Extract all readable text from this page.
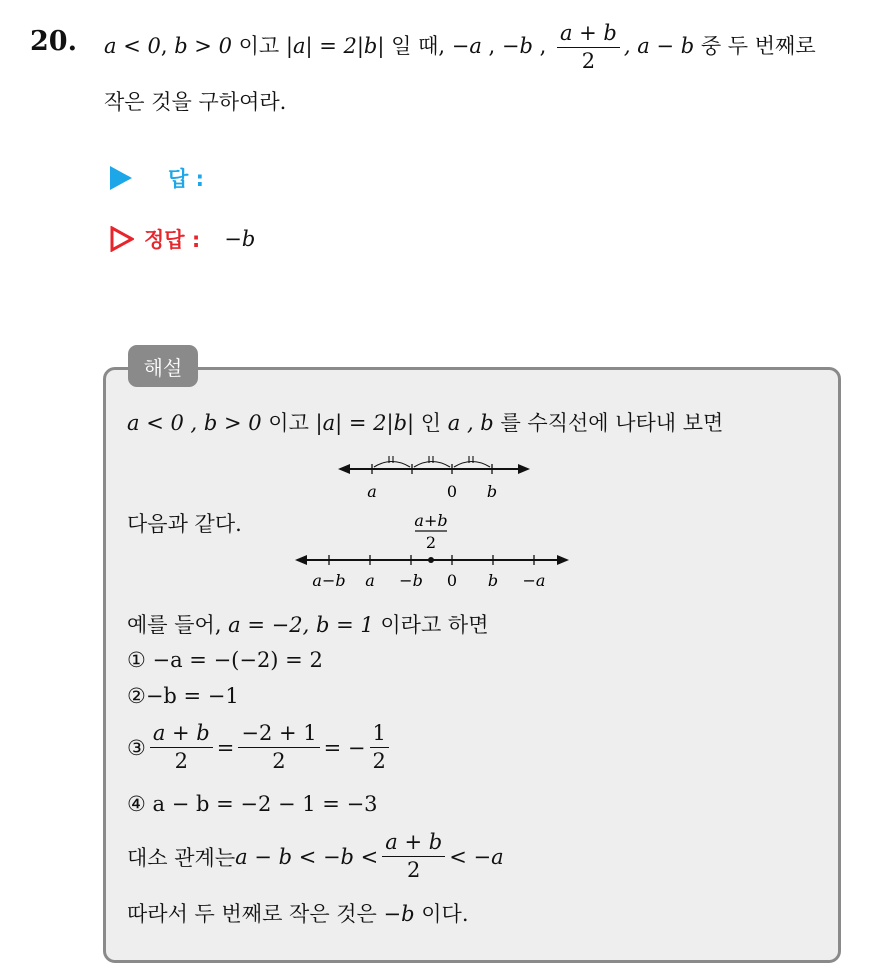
20. a < 0, b > 0 이고 |a| = 2|b| 일 때, −a , −b , $\frac{a + b}{2}$ , a − b 중 두 번째로
작은 것을 구하여라.
답 :
정답 : −b
해설
a < 0 , b > 0 이고 |a| = 2|b| 인 a , b 를 수직선에 나타내 보면
a	0 b
다음과 같다.	a+b
2
a−b a −b 0 b −a
예를 들어, a = −2, b = 1 이라고 하면
① −a = −(−2) = 2
②−b = −1
③ $\frac{a + b}{2} = \frac{-2 + 1}{2}$ = − $\frac{1}{2}$
④ a − b = −2 − 1 = −3
대소 관계는 $a - b < -b < \frac{a + b}{2} < -a$
따라서 두 번째로 작은 것은 −b 이다.
